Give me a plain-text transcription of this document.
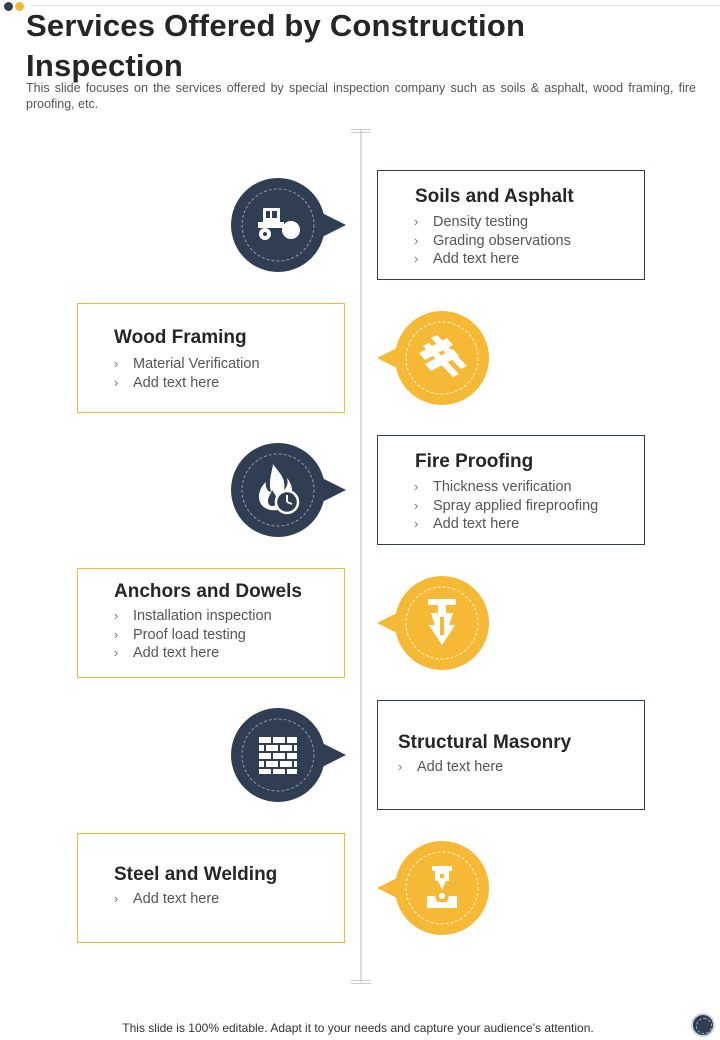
Services Offered by Construction Inspection

This slide focuses on the services offered by special inspection company such as soils & asphalt, wood framing, fire proofing, etc.

Soils and Asphalt
› Density testing
› Grading observations
› Add text here
Wood Framing
› Material Verification
› Add text here
Fire Proofing
› Thickness verification
› Spray applied fireproofing
› Add text here
Anchors and Dowels
› Installation inspection
› Proof load testing
› Add text here
Structural Masonry
› Add text here
Steel and Welding
› Add text here
This slide is 100% editable. Adapt it to your needs and capture your audience’s attention.
